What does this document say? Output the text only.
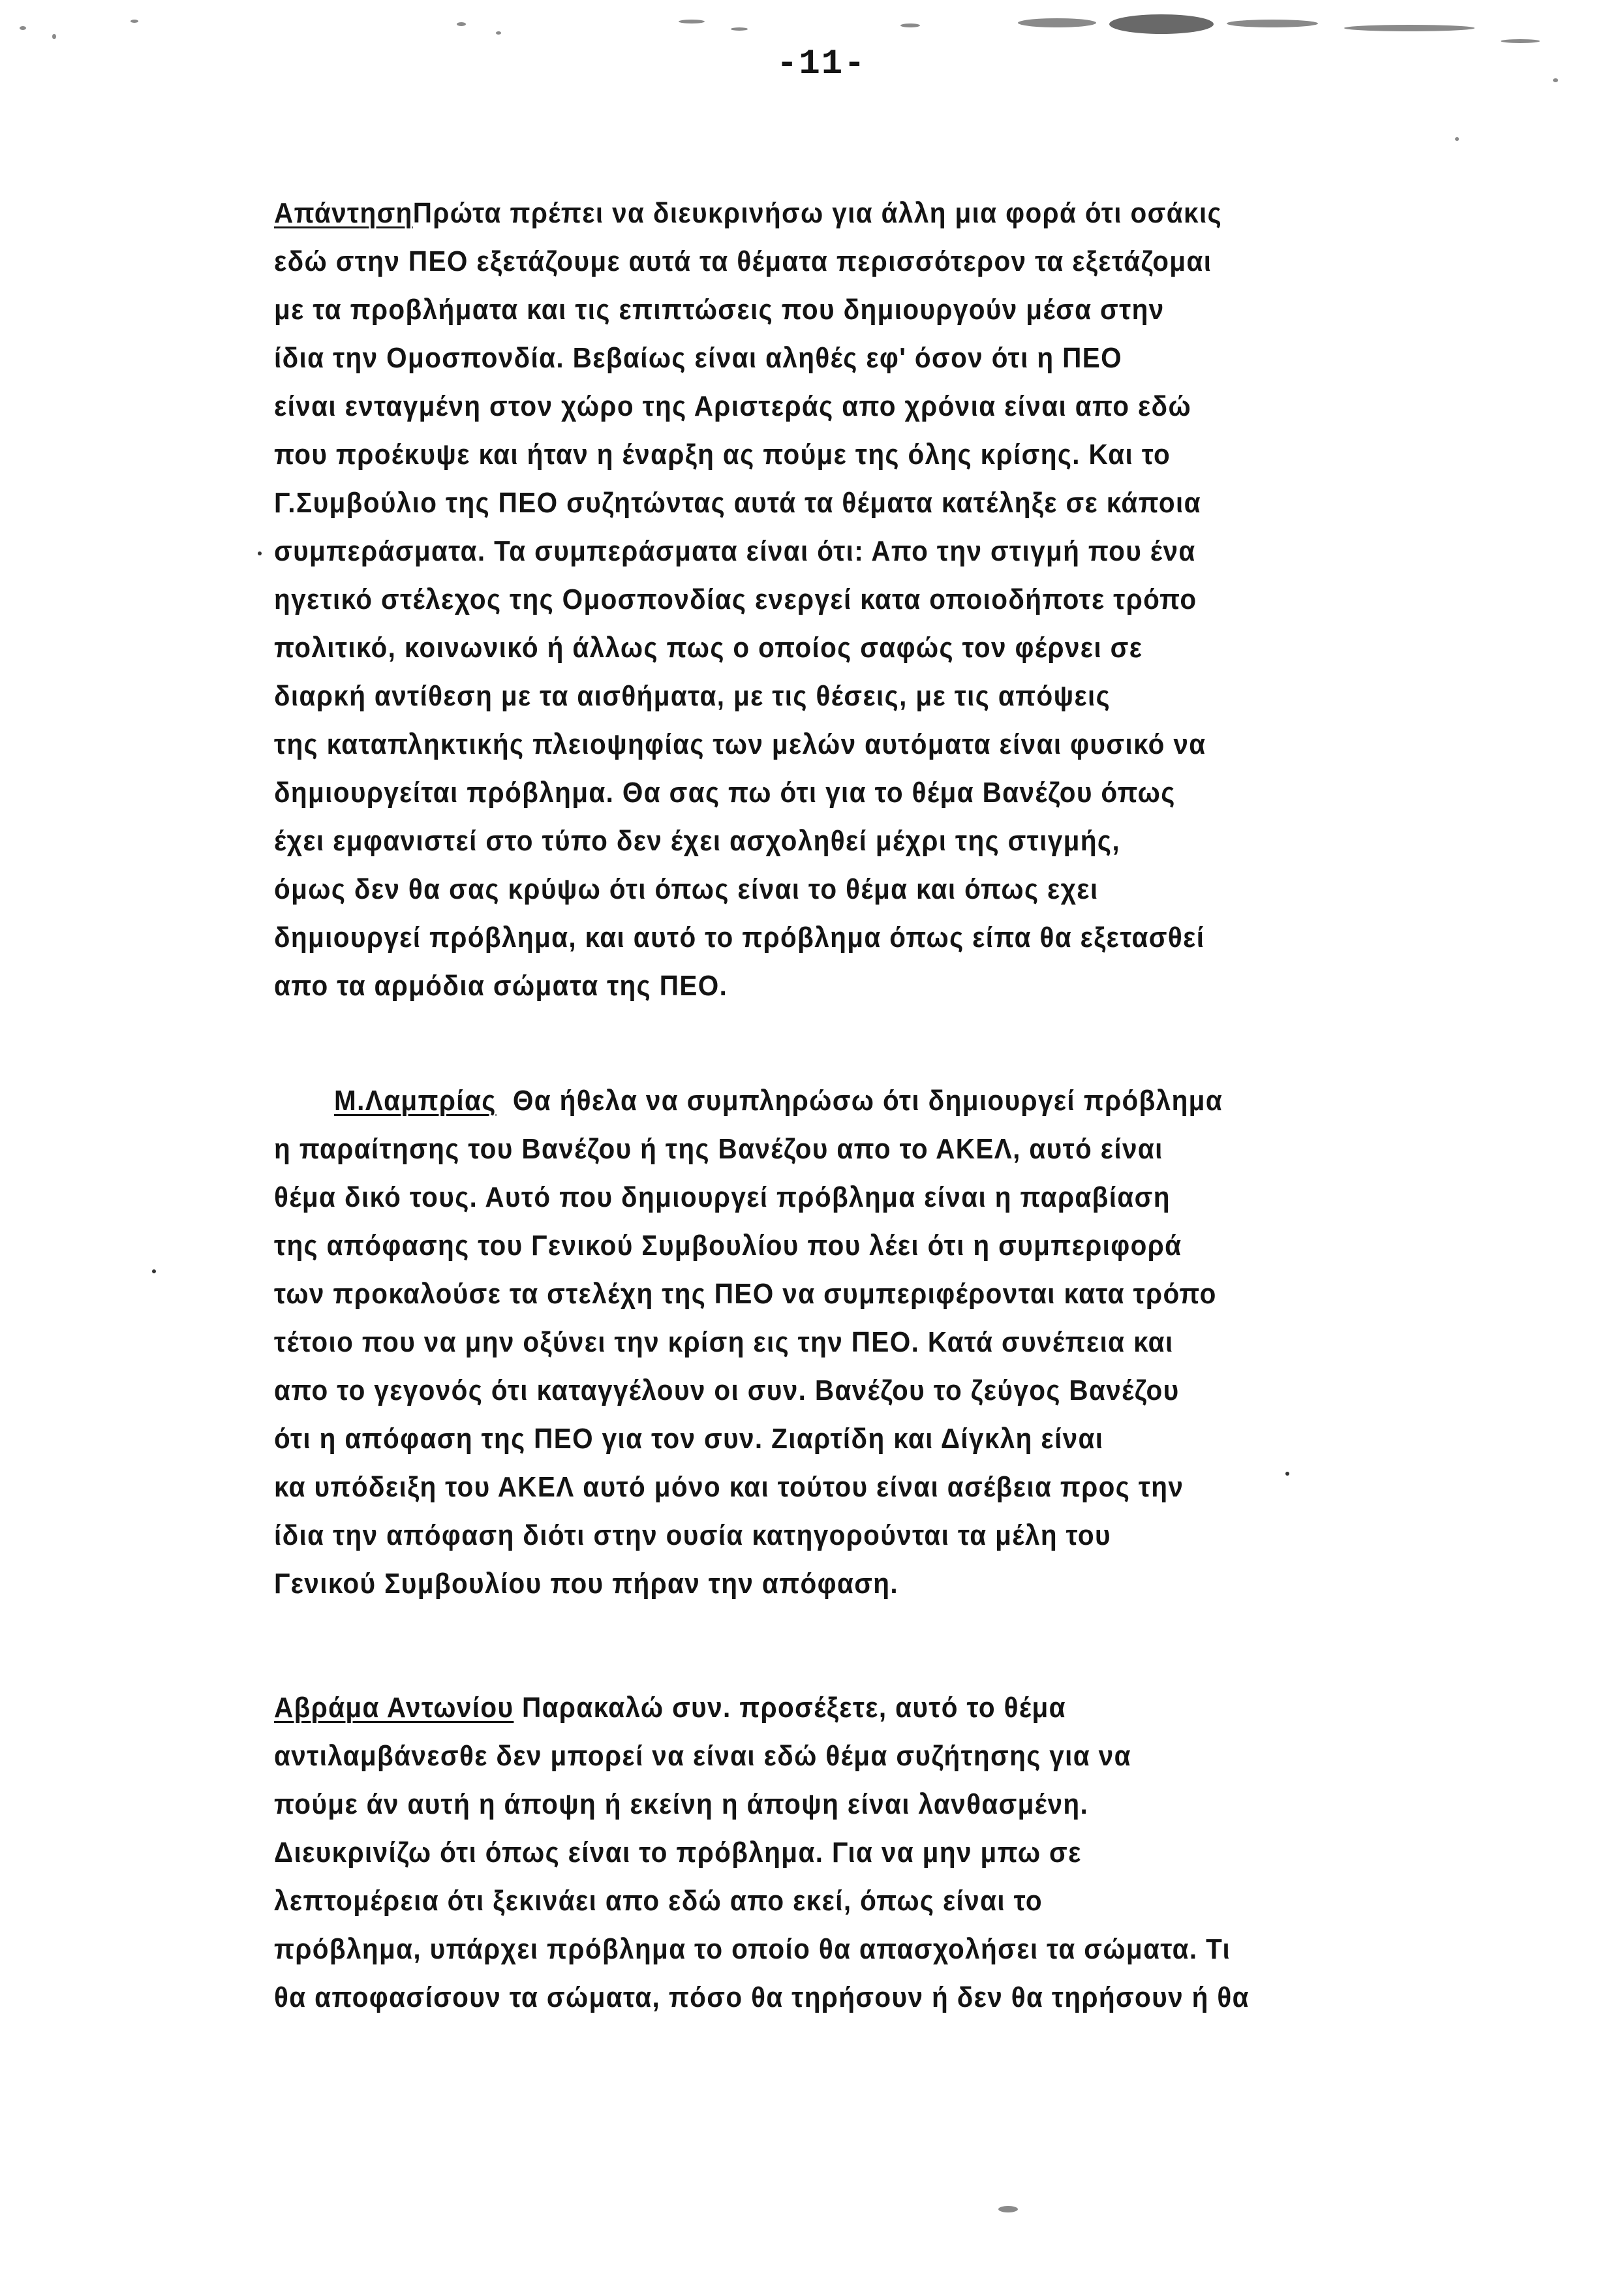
-11-
ΑπάντησηΠρώτα πρέπει να διευκρινήσω για άλλη μια φορά ότι οσάκις
εδώ στην ΠΕΟ εξετάζουμε αυτά τα θέματα περισσότερον τα εξετάζομαι
με τα προβλήματα και τις επιπτώσεις που δημιουργούν μέσα στην
ίδια την Ομοσπονδία. Βεβαίως είναι αληθές εφ' όσον ότι η ΠΕΟ
είναι ενταγμένη στον χώρο της Αριστεράς απο χρόνια είναι απο εδώ
που προέκυψε και ήταν η έναρξη ας πούμε της όλης κρίσης. Και το
Γ.Συμβούλιο της ΠΕΟ συζητώντας αυτά τα θέματα κατέληξε σε κάποια
συμπεράσματα. Τα συμπεράσματα είναι ότι: Απο την στιγμή που ένα
ηγετικό στέλεχος της Ομοσπονδίας ενεργεί κατα οποιοδήποτε τρόπο
πολιτικό, κοινωνικό ή άλλως πως ο οποίος σαφώς τον φέρνει σε
διαρκή αντίθεση με τα αισθήματα, με τις θέσεις, με τις απόψεις
της καταπληκτικής πλειοψηφίας των μελών αυτόματα είναι φυσικό να
δημιουργείται πρόβλημα. Θα σας πω ότι για το θέμα Βανέζου όπως
έχει εμφανιστεί στο τύπο δεν έχει ασχοληθεί μέχρι της στιγμής,
όμως δεν θα σας κρύψω ότι όπως είναι το θέμα και όπως εχει
δημιουργεί πρόβλημα, και αυτό το πρόβλημα όπως είπα θα εξετασθεί
απο τα αρμόδια σώματα της ΠΕΟ.
Μ.Λαμπρίας Θα ήθελα να συμπληρώσω ότι δημιουργεί πρόβλημα
η παραίτησης του Βανέζου ή της Βανέζου απο το ΑΚΕΛ, αυτό είναι
θέμα δικό τους. Αυτό που δημιουργεί πρόβλημα είναι η παραβίαση
της απόφασης του Γενικού Συμβουλίου που λέει ότι η συμπεριφορά
των προκαλούσε τα στελέχη της ΠΕΟ να συμπεριφέρονται κατα τρόπο
τέτοιο που να μην οξύνει την κρίση εις την ΠΕΟ. Κατά συνέπεια και
απο το γεγονός ότι καταγγέλουν οι συν. Βανέζου το ζεύγος Βανέζου
ότι η απόφαση της ΠΕΟ για τον συν. Ζιαρτίδη και Δίγκλη είναι
κα υπόδειξη του ΑΚΕΛ αυτό μόνο και τούτου είναι ασέβεια προς την
ίδια την απόφαση διότι στην ουσία κατηγορούνται τα μέλη του
Γενικού Συμβουλίου που πήραν την απόφαση.
Αβράμα Αντωνίου Παρακαλώ συν. προσέξετε, αυτό το θέμα
αντιλαμβάνεσθε δεν μπορεί να είναι εδώ θέμα συζήτησης για να
πούμε άν αυτή η άποψη ή εκείνη η άποψη είναι λανθασμένη.
Διευκρινίζω ότι όπως είναι το πρόβλημα. Για να μην μπω σε
λεπτομέρεια ότι ξεκινάει απο εδώ απο εκεί, όπως είναι το
πρόβλημα, υπάρχει πρόβλημα το οποίο θα απασχολήσει τα σώματα. Τι
θα αποφασίσουν τα σώματα, πόσο θα τηρήσουν ή δεν θα τηρήσουν ή θα
